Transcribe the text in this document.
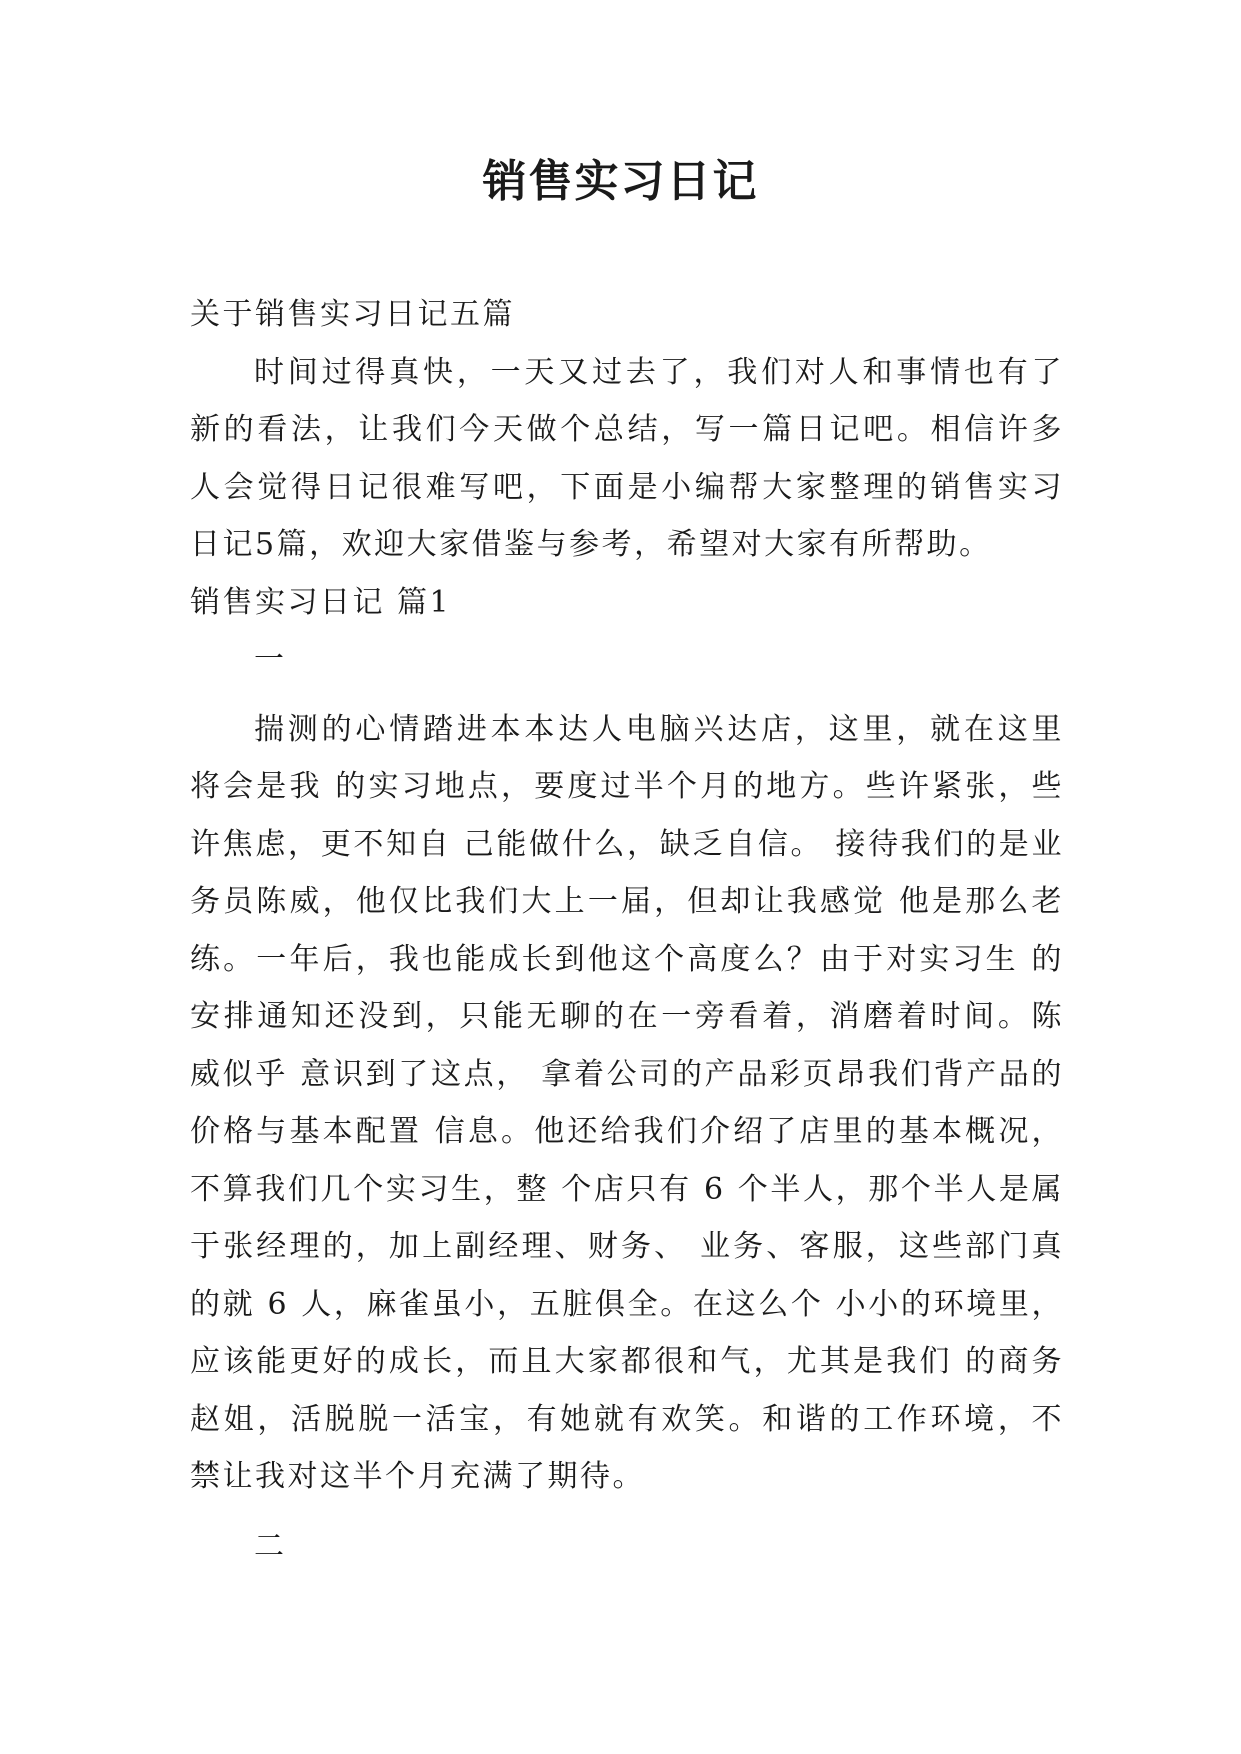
销售实习日记

关于销售实习日记五篇

时间过得真快，一天又过去了，我们对人和事情也有了新的看法，让我们今天做个总结，写一篇日记吧。相信许多人会觉得日记很难写吧，下面是小编帮大家整理的销售实习日记5篇，欢迎大家借鉴与参考，希望对大家有所帮助。

销售实习日记 篇1

一

揣测的心情踏进本本达人电脑兴达店，这里，就在这里将会是我 的实习地点，要度过半个月的地方。些许紧张，些许焦虑，更不知自 己能做什么，缺乏自信。 接待我们的是业务员陈威，他仅比我们大上一届，但却让我感觉 他是那么老练。一年后，我也能成长到他这个高度么？由于对实习生 的安排通知还没到，只能无聊的在一旁看着，消磨着时间。陈威似乎 意识到了这点， 拿着公司的产品彩页昂我们背产品的价格与基本配置 信息。他还给我们介绍了店里的基本概况，不算我们几个实习生，整 个店只有 6 个半人，那个半人是属于张经理的，加上副经理、财务、 业务、客服，这些部门真的就 6 人，麻雀虽小，五脏俱全。在这么个 小小的环境里，应该能更好的成长，而且大家都很和气，尤其是我们 的商务赵姐，活脱脱一活宝，有她就有欢笑。和谐的工作环境，不禁让我对这半个月充满了期待。

二
